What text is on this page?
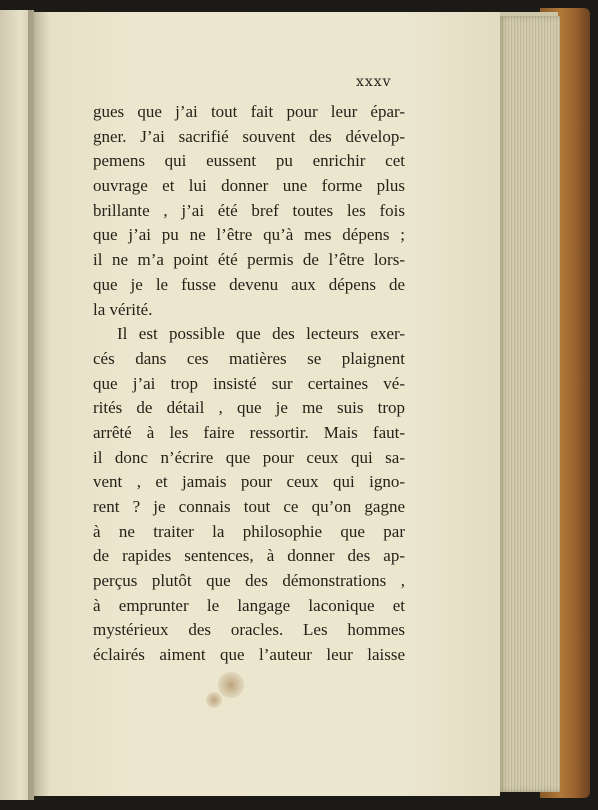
xxxv
gues que j’ai tout fait pour leur épar-
gner. J’ai sacrifié souvent des dévelop-
pemens qui eussent pu enrichir cet
ouvrage et lui donner une forme plus
brillante , j’ai été bref toutes les fois
que j’ai pu ne l’être qu’à mes dépens ;
il ne m’a point été permis de l’être lors-
que je le fusse devenu aux dépens de
la vérité.
Il est possible que des lecteurs exer-
cés dans ces matières se plaignent
que j’ai trop insisté sur certaines vé-
rités de détail , que je me suis trop
arrêté à les faire ressortir. Mais faut-
il donc n’écrire que pour ceux qui sa-
vent , et jamais pour ceux qui igno-
rent ? je connais tout ce qu’on gagne
à ne traiter la philosophie que par
de rapides sentences, à donner des ap-
perçus plutôt que des démonstrations ,
à emprunter le langage laconique et
mystérieux des oracles. Les hommes
éclairés aiment que l’auteur leur laisse
